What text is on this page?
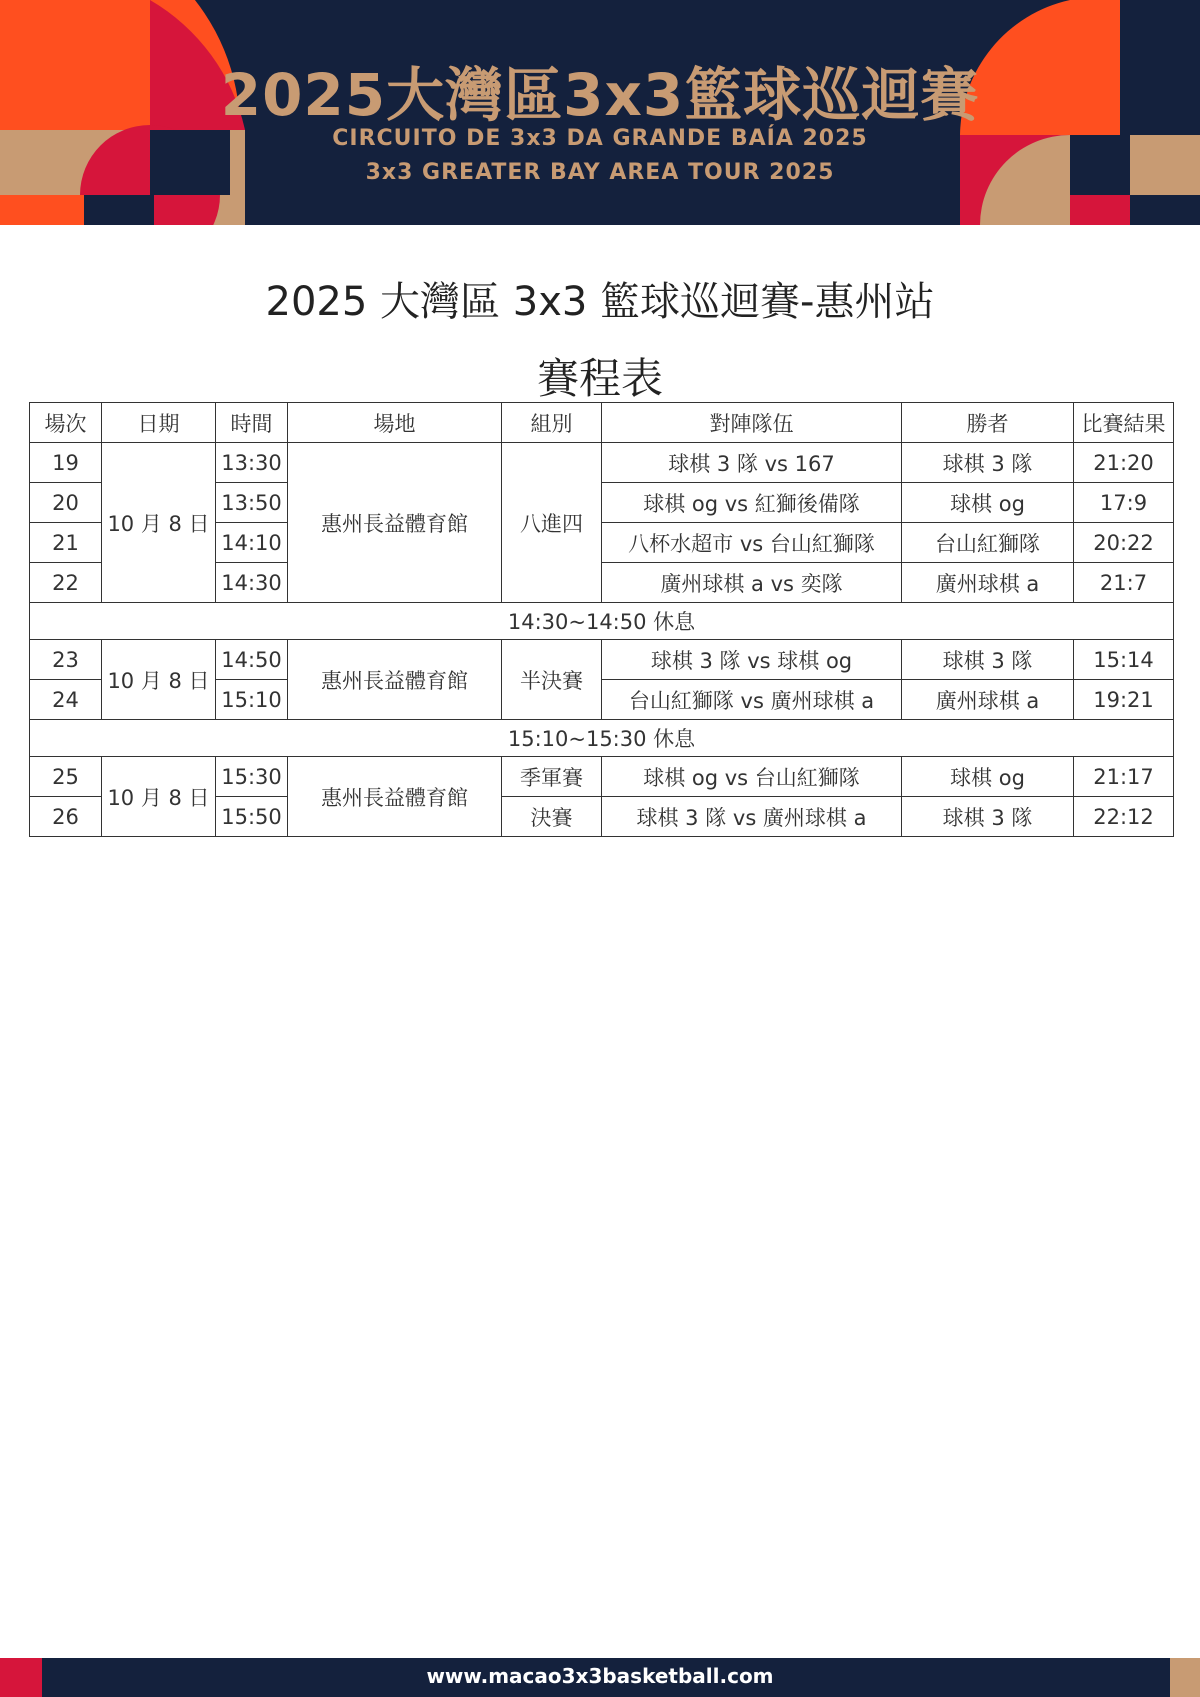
2025大灣區3x3籃球巡迴賽
CIRCUITO DE 3x3 DA GRANDE BAÍA 2025
3x3 GREATER BAY AREA TOUR 2025
2025 大灣區 3x3 籃球巡迴賽-惠州站
賽程表
場次	日期	時間	場地	組別	對陣隊伍	勝者	比賽結果
19	10 月 8 日	13:30	惠州長益體育館	八進四	球棋 3 隊 vs 167	球棋 3 隊	21:20
20		13:50			球棋 og vs 紅獅後備隊	球棋 og	17:9
21		14:10			八杯水超市 vs 台山紅獅隊	台山紅獅隊	20:22
22		14:30			廣州球棋 a vs 奕隊	廣州球棋 a	21:7
14:30~14:50 休息							
23	10 月 8 日	14:50	惠州長益體育館	半決賽	球棋 3 隊 vs 球棋 og	球棋 3 隊	15:14
24		15:10			台山紅獅隊 vs 廣州球棋 a	廣州球棋 a	19:21
15:10~15:30 休息							
25	10 月 8 日	15:30	惠州長益體育館	季軍賽	球棋 og vs 台山紅獅隊	球棋 og	21:17
26		15:50		決賽	球棋 3 隊 vs 廣州球棋 a	球棋 3 隊	22:12
www.macao3x3basketball.com
